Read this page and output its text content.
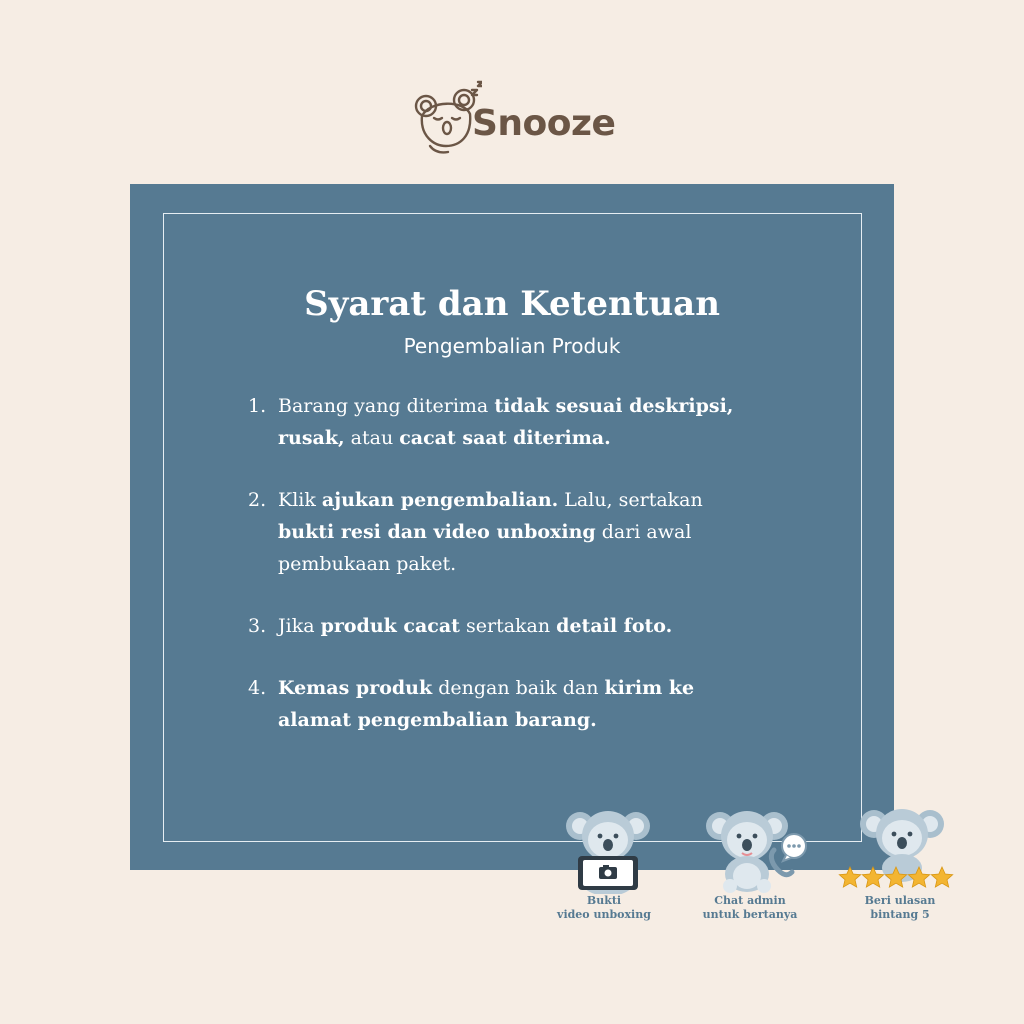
Snooze
Syarat dan Ketentuan
Pengembalian Produk
1. Barang yang diterima tidak sesuai deskripsi,
rusak, atau cacat saat diterima.
2. Klik ajukan pengembalian. Lalu, sertakan
bukti resi dan video unboxing dari awal pembukaan paket.
3. Jika produk cacat sertakan detail foto.
4. Kemas produk dengan baik dan kirim ke alamat pengembalian barang.
Bukti
video unboxing
Chat admin
untuk bertanya
Beri ulasan
bintang 5
